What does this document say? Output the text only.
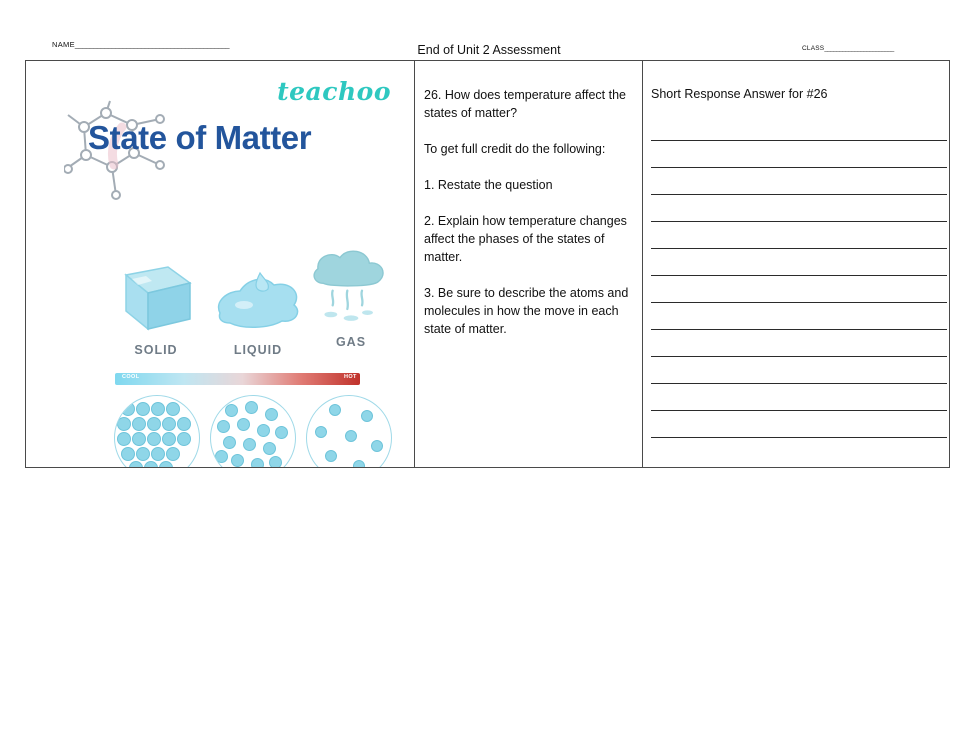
NAME__________________________________________	End of Unit 2 Assessment	CLASS_______________________
teachoo
State of Matter
SOLID	LIQUID
GAS
COOL	HOT

26. How does temperature affect the states of matter?

To get full credit do the following:

1. Restate the question

2. Explain how temperature changes affect the phases of the states of matter.

3. Be sure to describe the atoms and molecules in how the move in each state of matter.

Short Response Answer for #26
